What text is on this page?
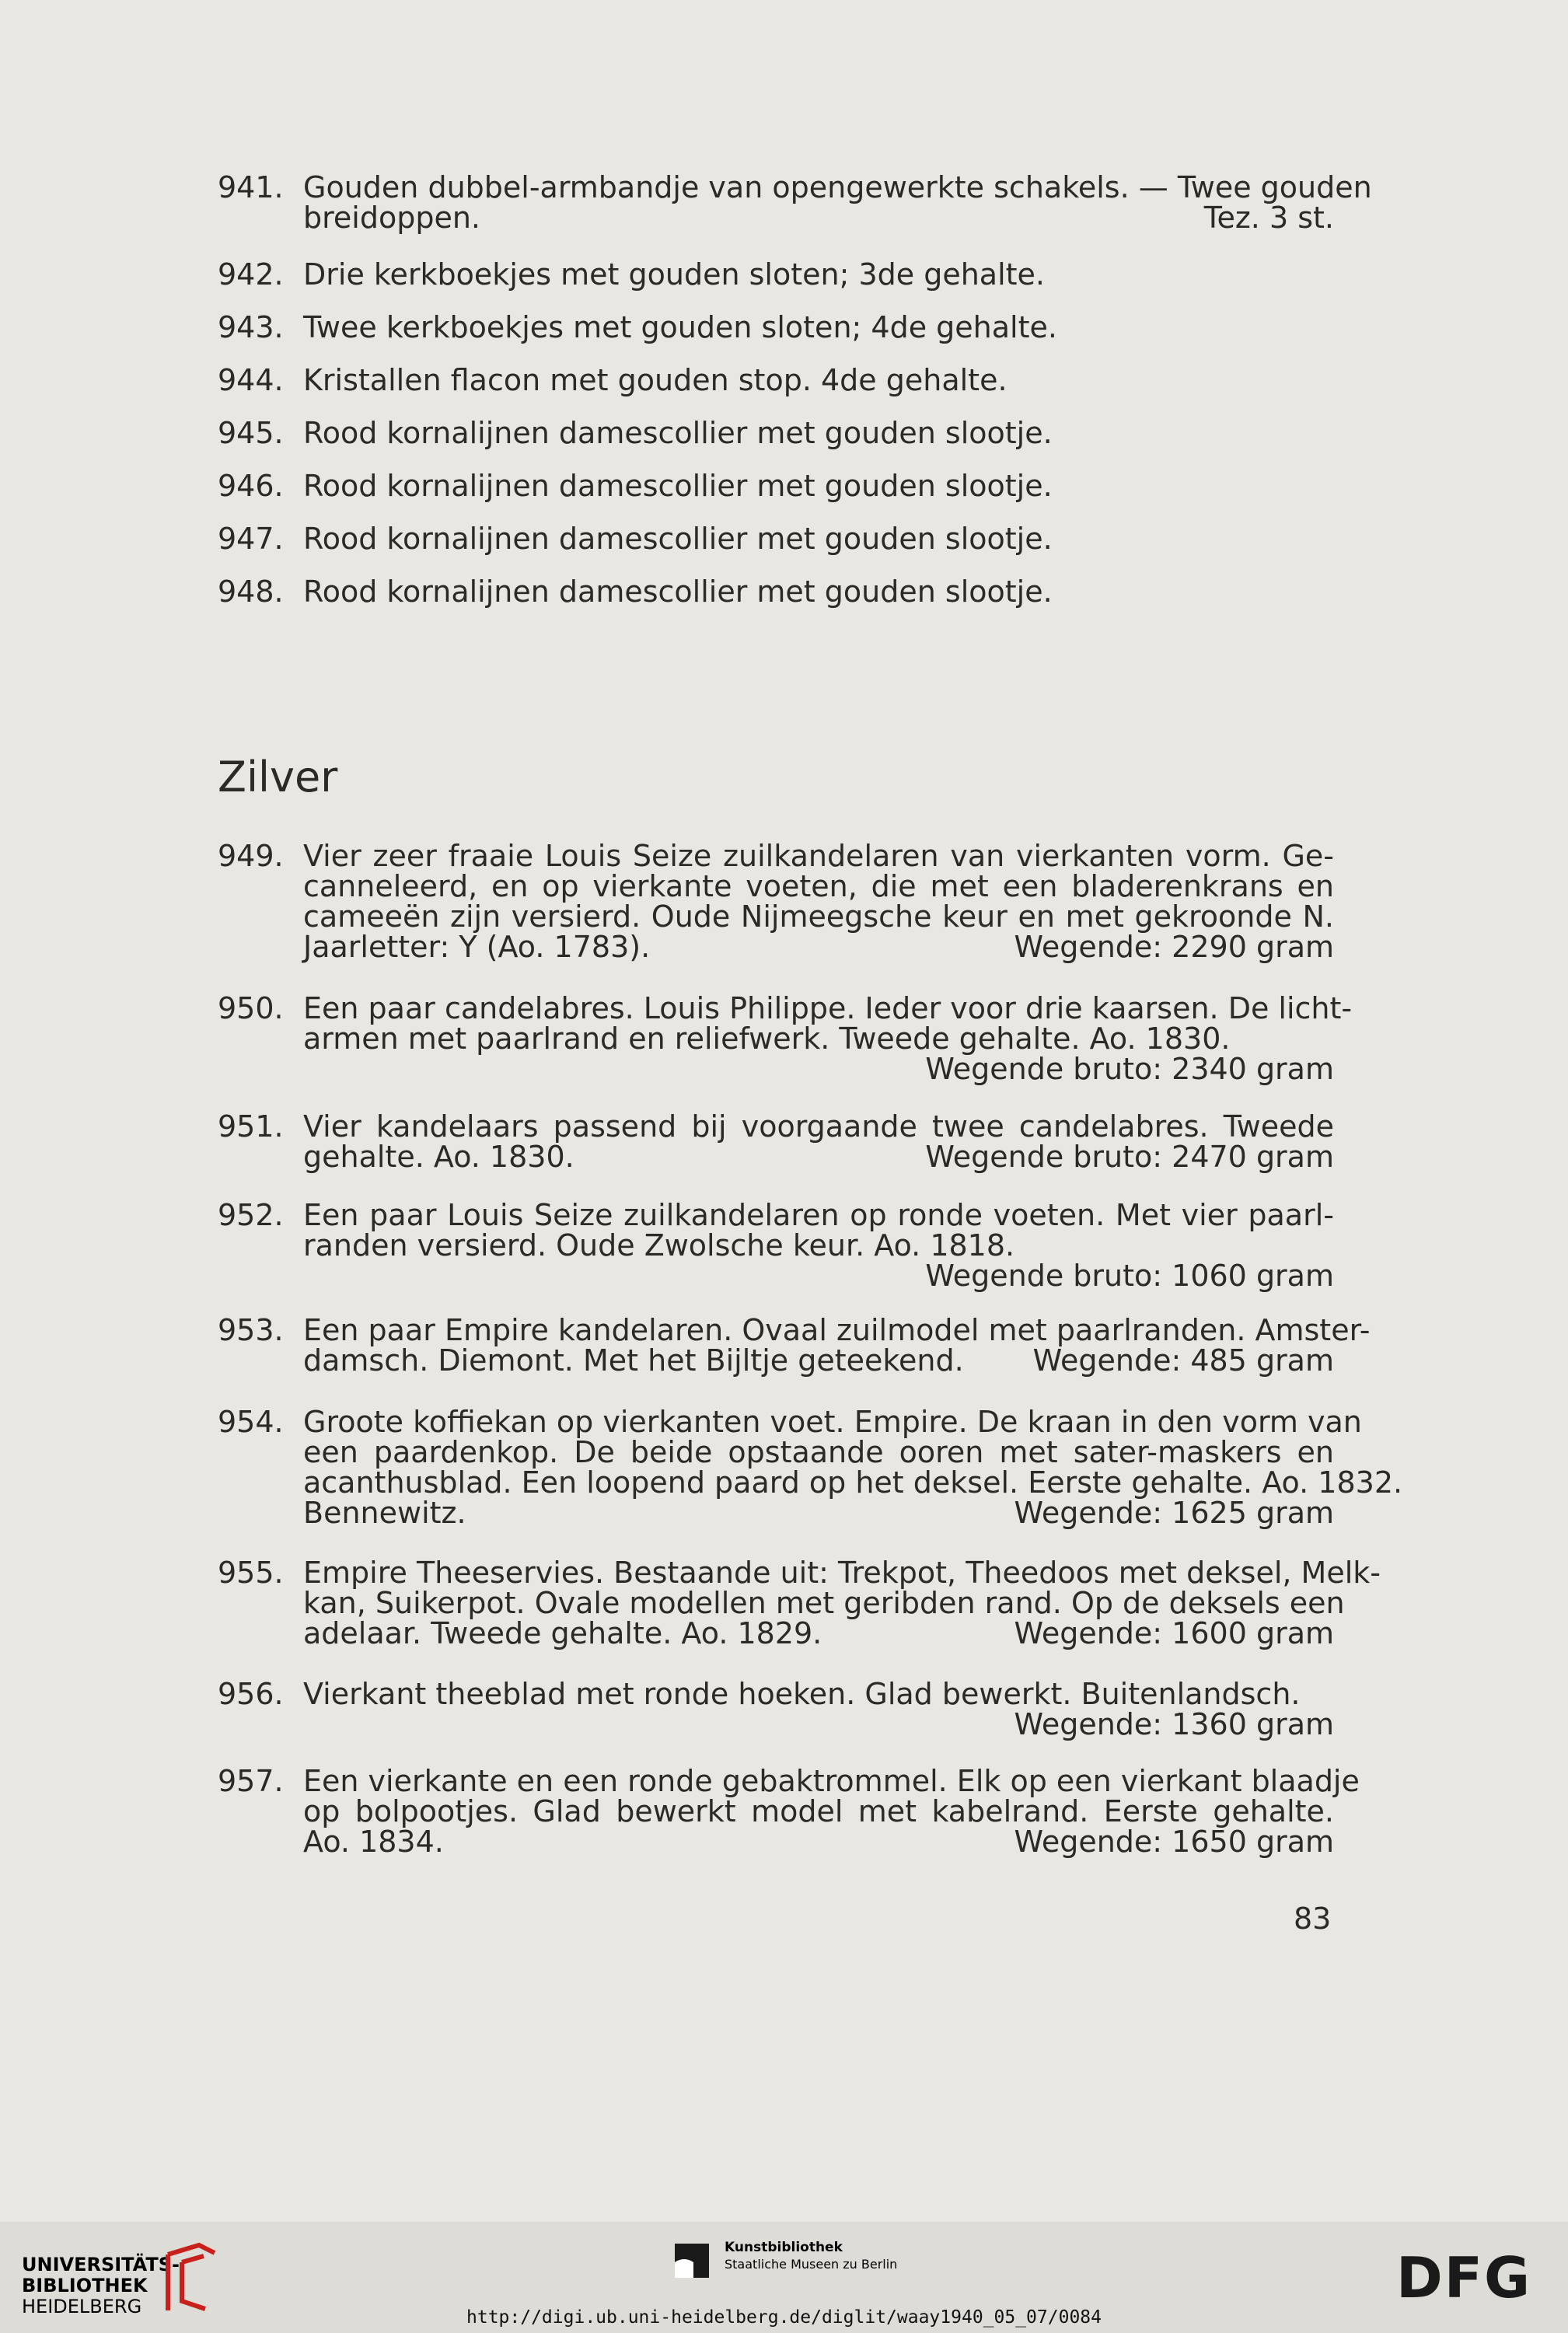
941. Gouden dubbel-armbandje van opengewerkte schakels. — Twee gouden
breidoppen.	Tez. 3 st.
942. Drie kerkboekjes met gouden sloten; 3de gehalte.
943. Twee kerkboekjes met gouden sloten; 4de gehalte.
944. Kristallen flacon met gouden stop. 4de gehalte.
945. Rood kornalijnen damescollier met gouden slootje.
946. Rood kornalijnen damescollier met gouden slootje.
947. Rood kornalijnen damescollier met gouden slootje.
948. Rood kornalijnen damescollier met gouden slootje.
Zilver
949. Vier zeer fraaie Louis Seize zuilkandelaren van vierkanten vorm. Ge-
canneleerd, en op vierkante voeten, die met een bladerenkrans en
cameeën zijn versierd. Oude Nijmeegsche keur en met gekroonde N.
Jaarletter: Y (Ao. 1783).	Wegende: 2290 gram
950. Een paar candelabres. Louis Philippe. Ieder voor drie kaarsen. De licht-
armen met paarlrand en reliefwerk. Tweede gehalte. Ao. 1830.
Wegende bruto: 2340 gram
951. Vier kandelaars passend bij voorgaande twee candelabres. Tweede
gehalte. Ao. 1830.	Wegende bruto: 2470 gram
952. Een paar Louis Seize zuilkandelaren op ronde voeten. Met vier paarl-
randen versierd. Oude Zwolsche keur. Ao. 1818.
Wegende bruto: 1060 gram
953. Een paar Empire kandelaren. Ovaal zuilmodel met paarlranden. Amster-
damsch. Diemont. Met het Bijltje geteekend. Wegende: 485 gram
954. Groote koffiekan op vierkanten voet. Empire. De kraan in den vorm van
een paardenkop. De beide opstaande ooren met sater-maskers en
acanthusblad. Een loopend paard op het deksel. Eerste gehalte. Ao. 1832.
Bennewitz.	Wegende: 1625 gram
955. Empire Theeservies. Bestaande uit: Trekpot, Theedoos met deksel, Melk-
kan, Suikerpot. Ovale modellen met geribden rand. Op de deksels een
adelaar. Tweede gehalte. Ao. 1829.	Wegende: 1600 gram
956. Vierkant theeblad met ronde hoeken. Glad bewerkt. Buitenlandsch.
Wegende: 1360 gram
957. Een vierkante en een ronde gebaktrommel. Elk op een vierkant blaadje
op bolpootjes. Glad bewerkt model met kabelrand. Eerste gehalte.
Ao. 1834.	Wegende: 1650 gram
83
UNIVERSITÄTS-
BIBLIOTHEK
HEIDELBERG
Kunstbibliothek
Staatliche Museen zu Berlin	DFG
http://digi.ub.uni-heidelberg.de/diglit/waay1940_05_07/0084
